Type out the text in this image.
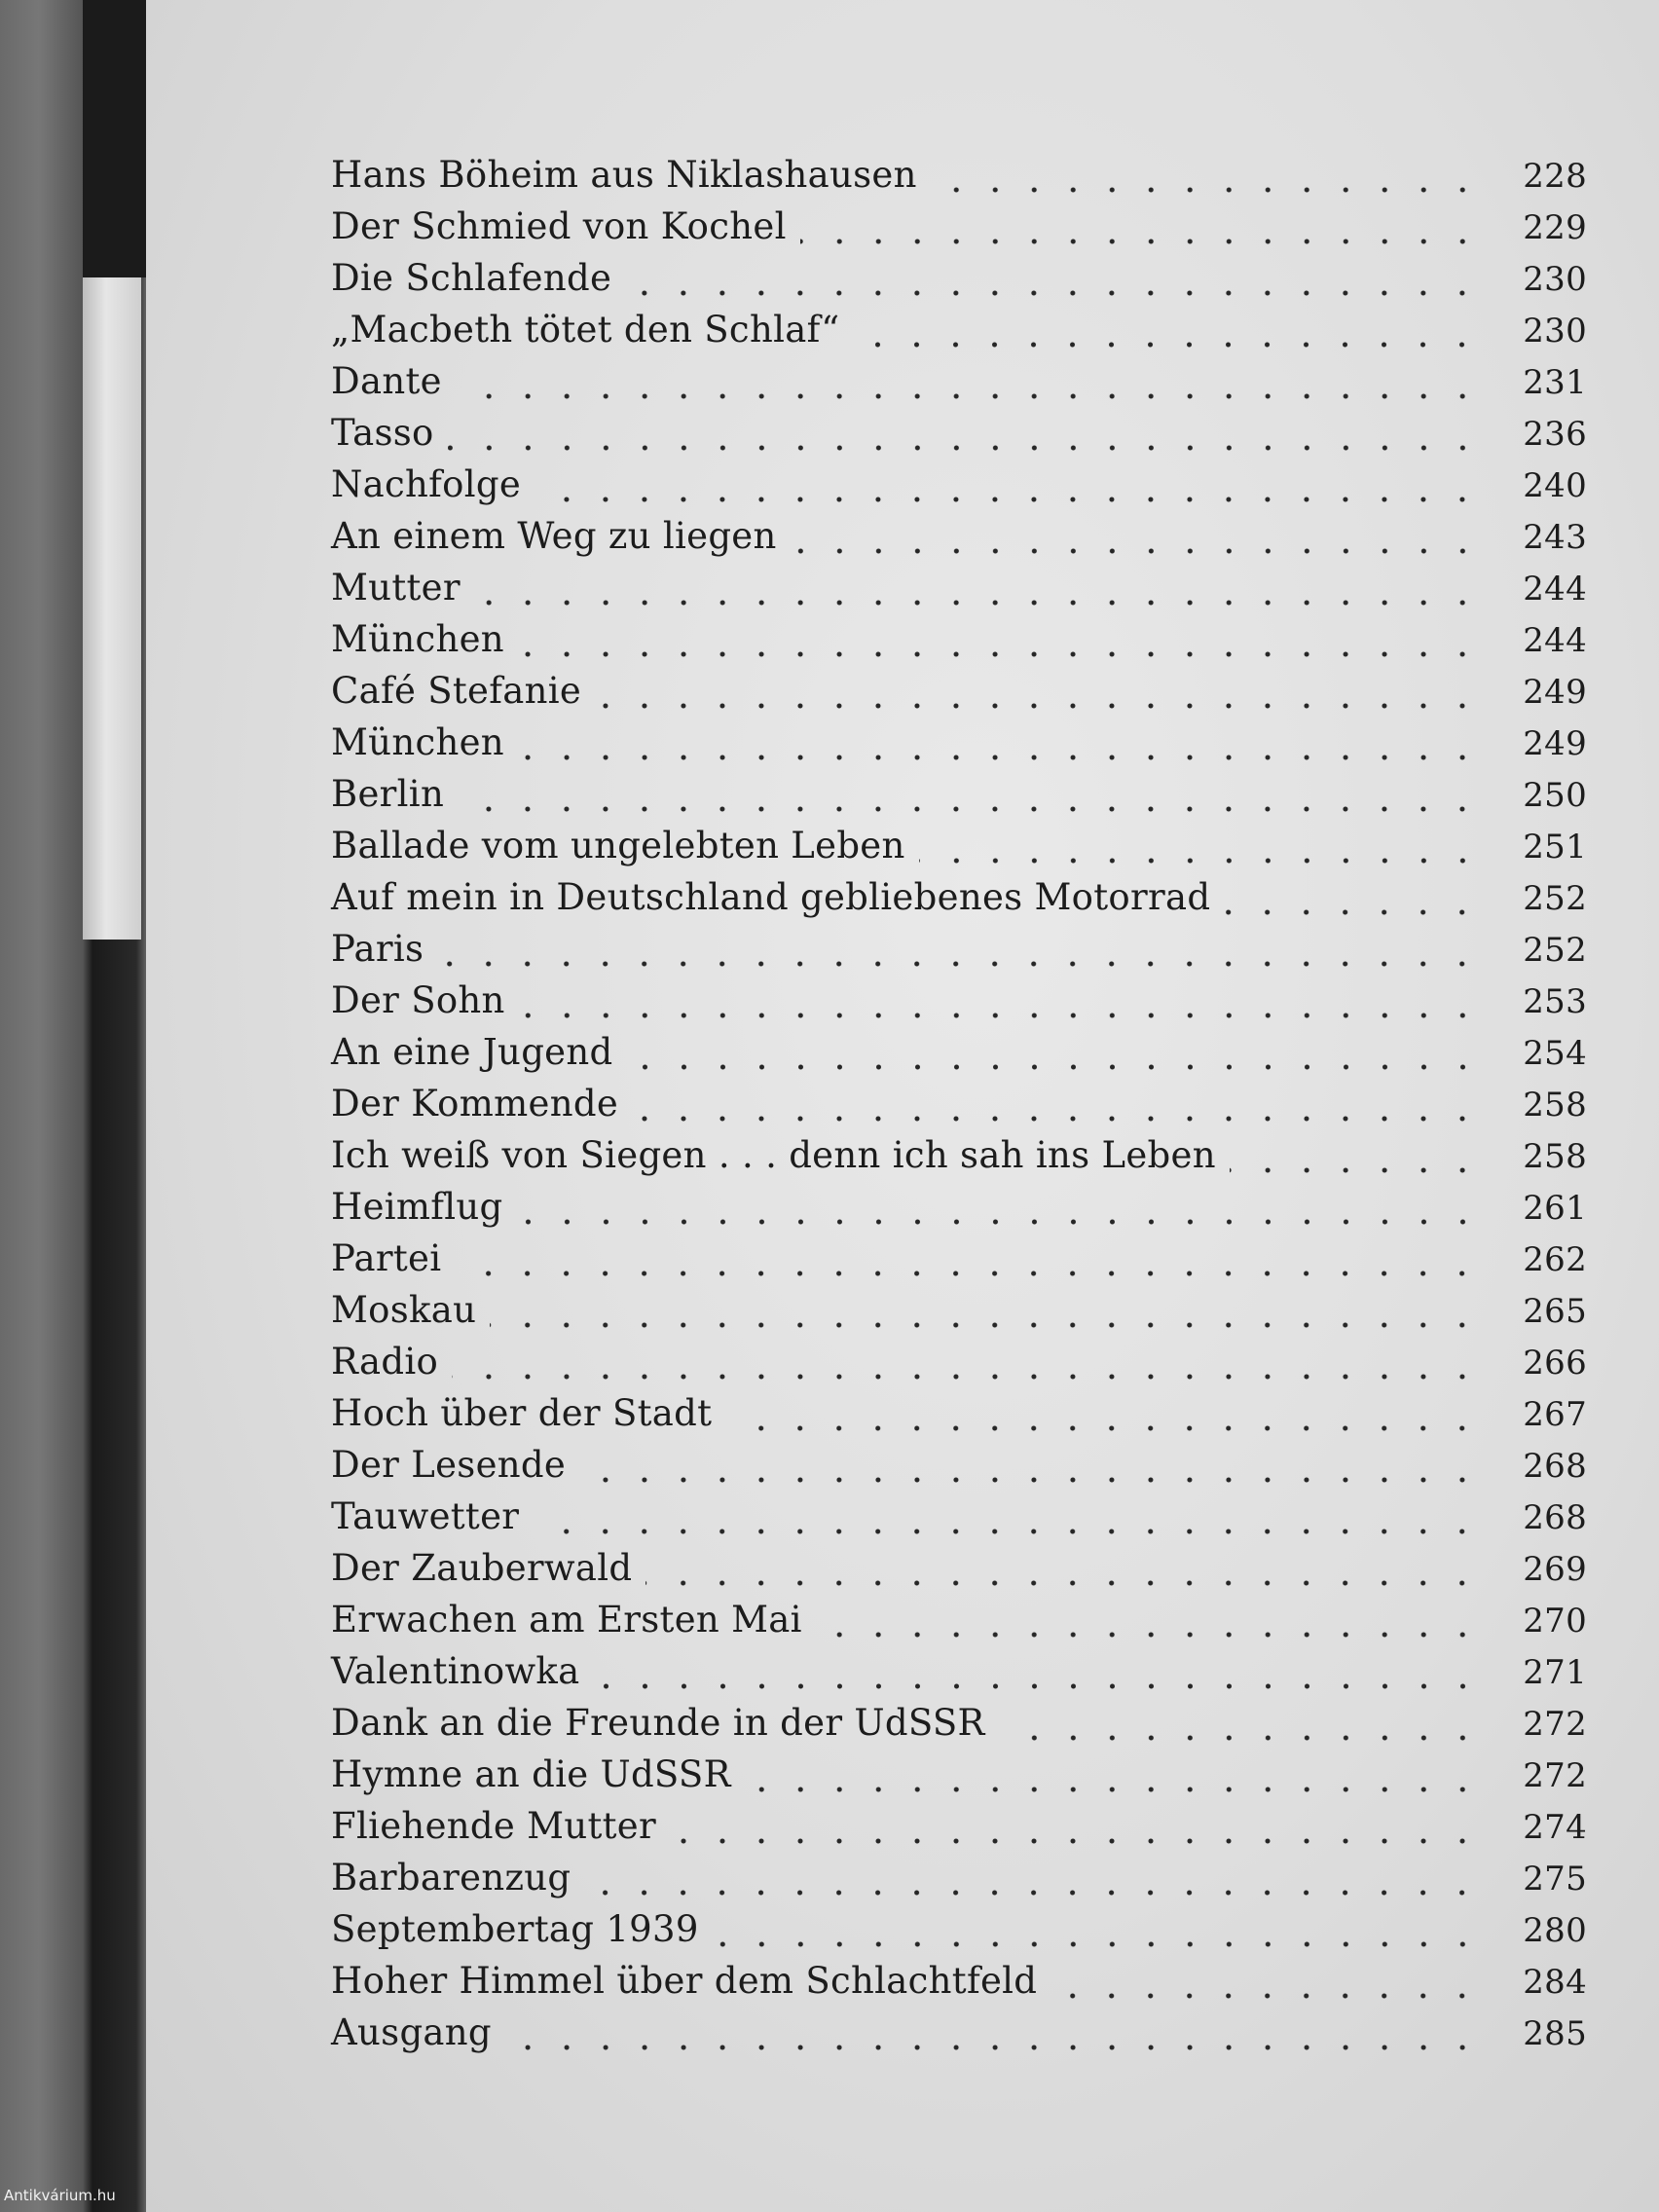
Hans Böheim aus Niklashausen	228
Der Schmied von Kochel	229
Die Schlafende	230
„Macbeth tötet den Schlaf“	230
Dante	231
Tasso	236
Nachfolge	240
An einem Weg zu liegen	243
Mutter	244
München	244
Café Stefanie	249
München	249
Berlin	250
Ballade vom ungelebten Leben	251
Auf mein in Deutschland gebliebenes Motorrad	252
Paris	252
Der Sohn	253
An eine Jugend	254
Der Kommende	258
Ich weiß von Siegen . . . denn ich sah ins Leben	258
Heimflug	261
Partei	262
Moskau	265
Radio	266
Hoch über der Stadt	267
Der Lesende	268
Tauwetter	268
Der Zauberwald	269
Erwachen am Ersten Mai	270
Valentinowka	271
Dank an die Freunde in der UdSSR	272
Hymne an die UdSSR	272
Fliehende Mutter	274
Barbarenzug	275
Septembertag 1939	280
Hoher Himmel über dem Schlachtfeld	284
Ausgang	285
Antikvárium.hu
